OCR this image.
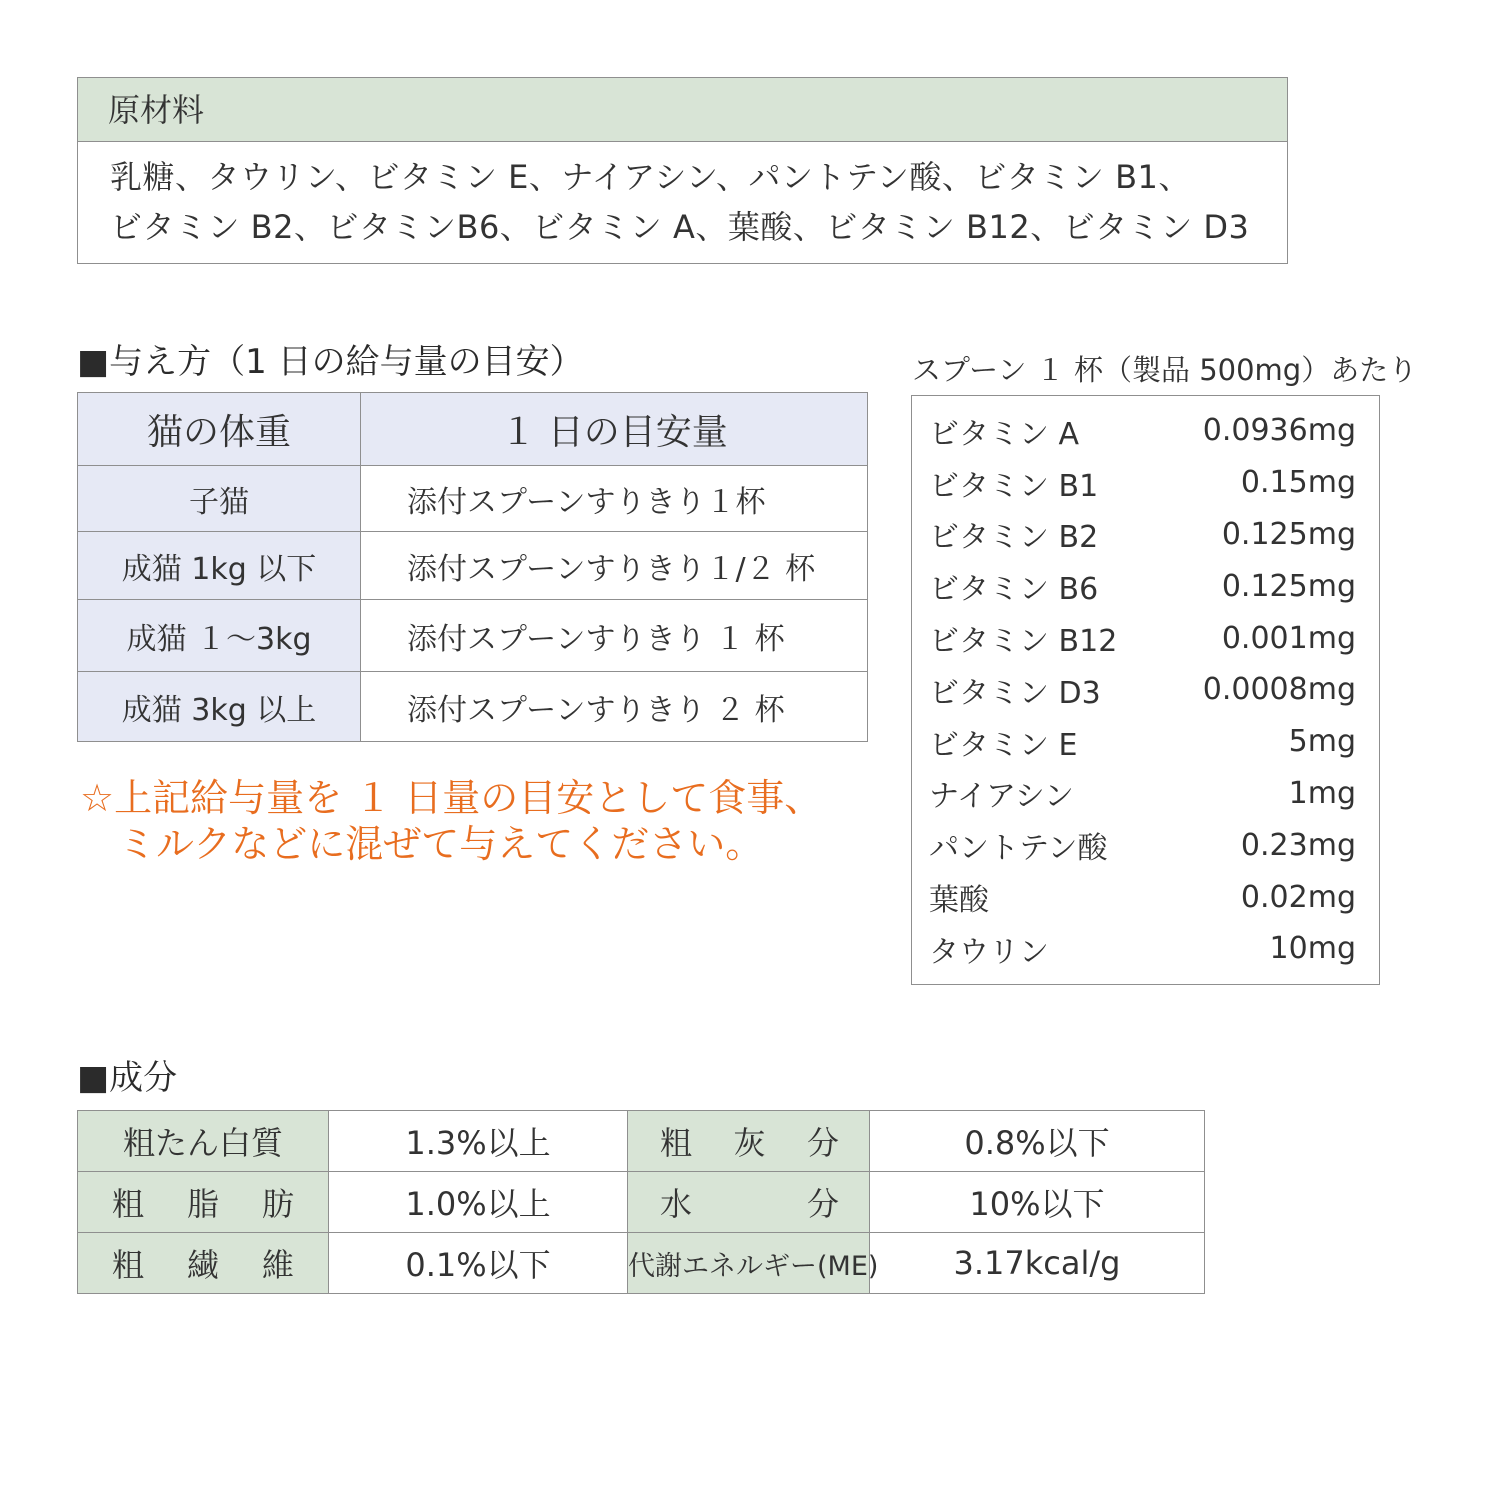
原材料
乳糖、タウリン、ビタミン E、ナイアシン、パントテン酸、ビタミン B1、
ビタミン B2、ビタミンB6、ビタミン A、葉酸、ビタミン B12、ビタミン D3
■与え方（1 日の給与量の目安）
猫の体重	１ 日の目安量
子猫	添付スプーンすりきり１杯
成猫 1kg 以下	添付スプーンすりきり１/２ 杯
成猫 １～3kg	添付スプーンすりきり １ 杯
成猫 3kg 以上	添付スプーンすりきり ２ 杯
☆上記給与量を １ 日量の目安として食事、
　ミルクなどに混ぜて与えてください。
スプーン １ 杯（製品 500mg）あたり
ビタミン A	0.0936mg
ビタミン B1	0.15mg
ビタミン B2	0.125mg
ビタミン B6	0.125mg
ビタミン B12	0.001mg
ビタミン D3	0.0008mg
ビタミン E	5mg
ナイアシン	1mg
パントテン酸	0.23mg
葉酸	0.02mg
タウリン	10mg
■成分
粗たん白質	1.3%以上	粗 灰 分	0.8%以下

粗 脂 肪	1.0%以上	水 分	10%以下

粗 繊 維	0.1%以下	代謝エネルギー(ME)	3.17kcal/g
